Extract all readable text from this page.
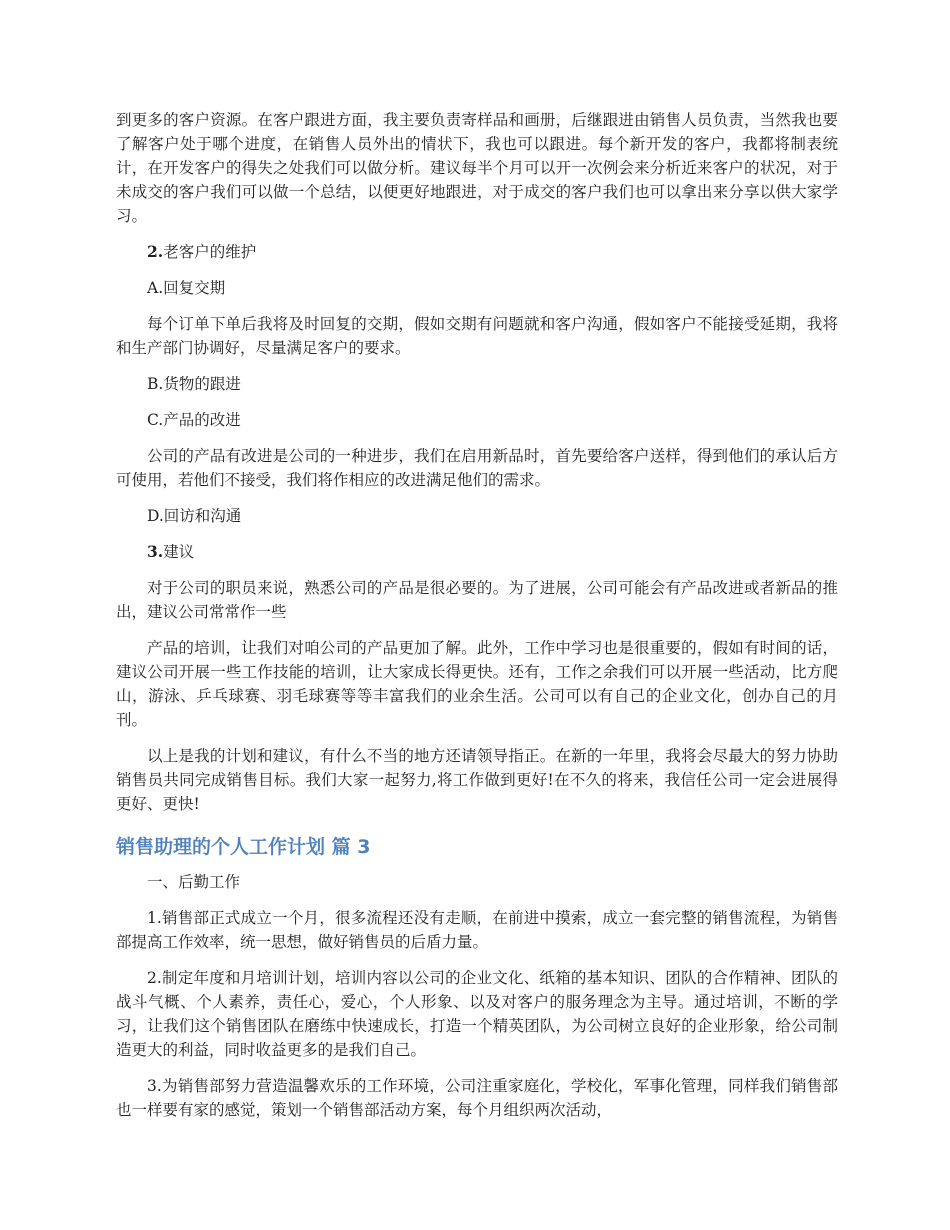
到更多的客户资源。在客户跟进方面，我主要负责寄样品和画册，后继跟进由销售人员负责，当然我也要了解客户处于哪个进度，在销售人员外出的情状下，我也可以跟进。每个新开发的客户，我都将制表统计，在开发客户的得失之处我们可以做分析。建议每半个月可以开一次例会来分析近来客户的状况，对于未成交的客户我们可以做一个总结，以便更好地跟进，对于成交的客户我们也可以拿出来分享以供大家学习。

2.老客户的维护

A.回复交期

每个订单下单后我将及时回复的交期，假如交期有问题就和客户沟通，假如客户不能接受延期，我将和生产部门协调好，尽量满足客户的要求。

B.货物的跟进

C.产品的改进

公司的产品有改进是公司的一种进步，我们在启用新品时，首先要给客户送样，得到他们的承认后方可使用，若他们不接受，我们将作相应的改进满足他们的需求。

D.回访和沟通

3.建议

对于公司的职员来说，熟悉公司的产品是很必要的。为了进展，公司可能会有产品改进或者新品的推出，建议公司常常作一些

产品的培训，让我们对咱公司的产品更加了解。此外，工作中学习也是很重要的，假如有时间的话，建议公司开展一些工作技能的培训，让大家成长得更快。还有，工作之余我们可以开展一些活动，比方爬山，游泳、乒乓球赛、羽毛球赛等等丰富我们的业余生活。公司可以有自己的企业文化，创办自己的月刊。

以上是我的计划和建议，有什么不当的地方还请领导指正。在新的一年里，我将会尽最大的努力协助销售员共同完成销售目标。我们大家一起努力,将工作做到更好!在不久的将来，我信任公司一定会进展得更好、更快!

销售助理的个人工作计划 篇 3

一、后勤工作

1.销售部正式成立一个月，很多流程还没有走顺，在前进中摸索，成立一套完整的销售流程，为销售部提高工作效率，统一思想，做好销售员的后盾力量。

2.制定年度和月培训计划，培训内容以公司的企业文化、纸箱的基本知识、团队的合作精神、团队的战斗气概、个人素养，责任心，爱心，个人形象、以及对客户的服务理念为主导。通过培训，不断的学习，让我们这个销售团队在磨练中快速成长，打造一个精英团队，为公司树立良好的企业形象，给公司制造更大的利益，同时收益更多的是我们自己。

3.为销售部努力营造温馨欢乐的工作环境，公司注重家庭化，学校化，军事化管理，同样我们销售部也一样要有家的感觉，策划一个销售部活动方案，每个月组织两次活动，
